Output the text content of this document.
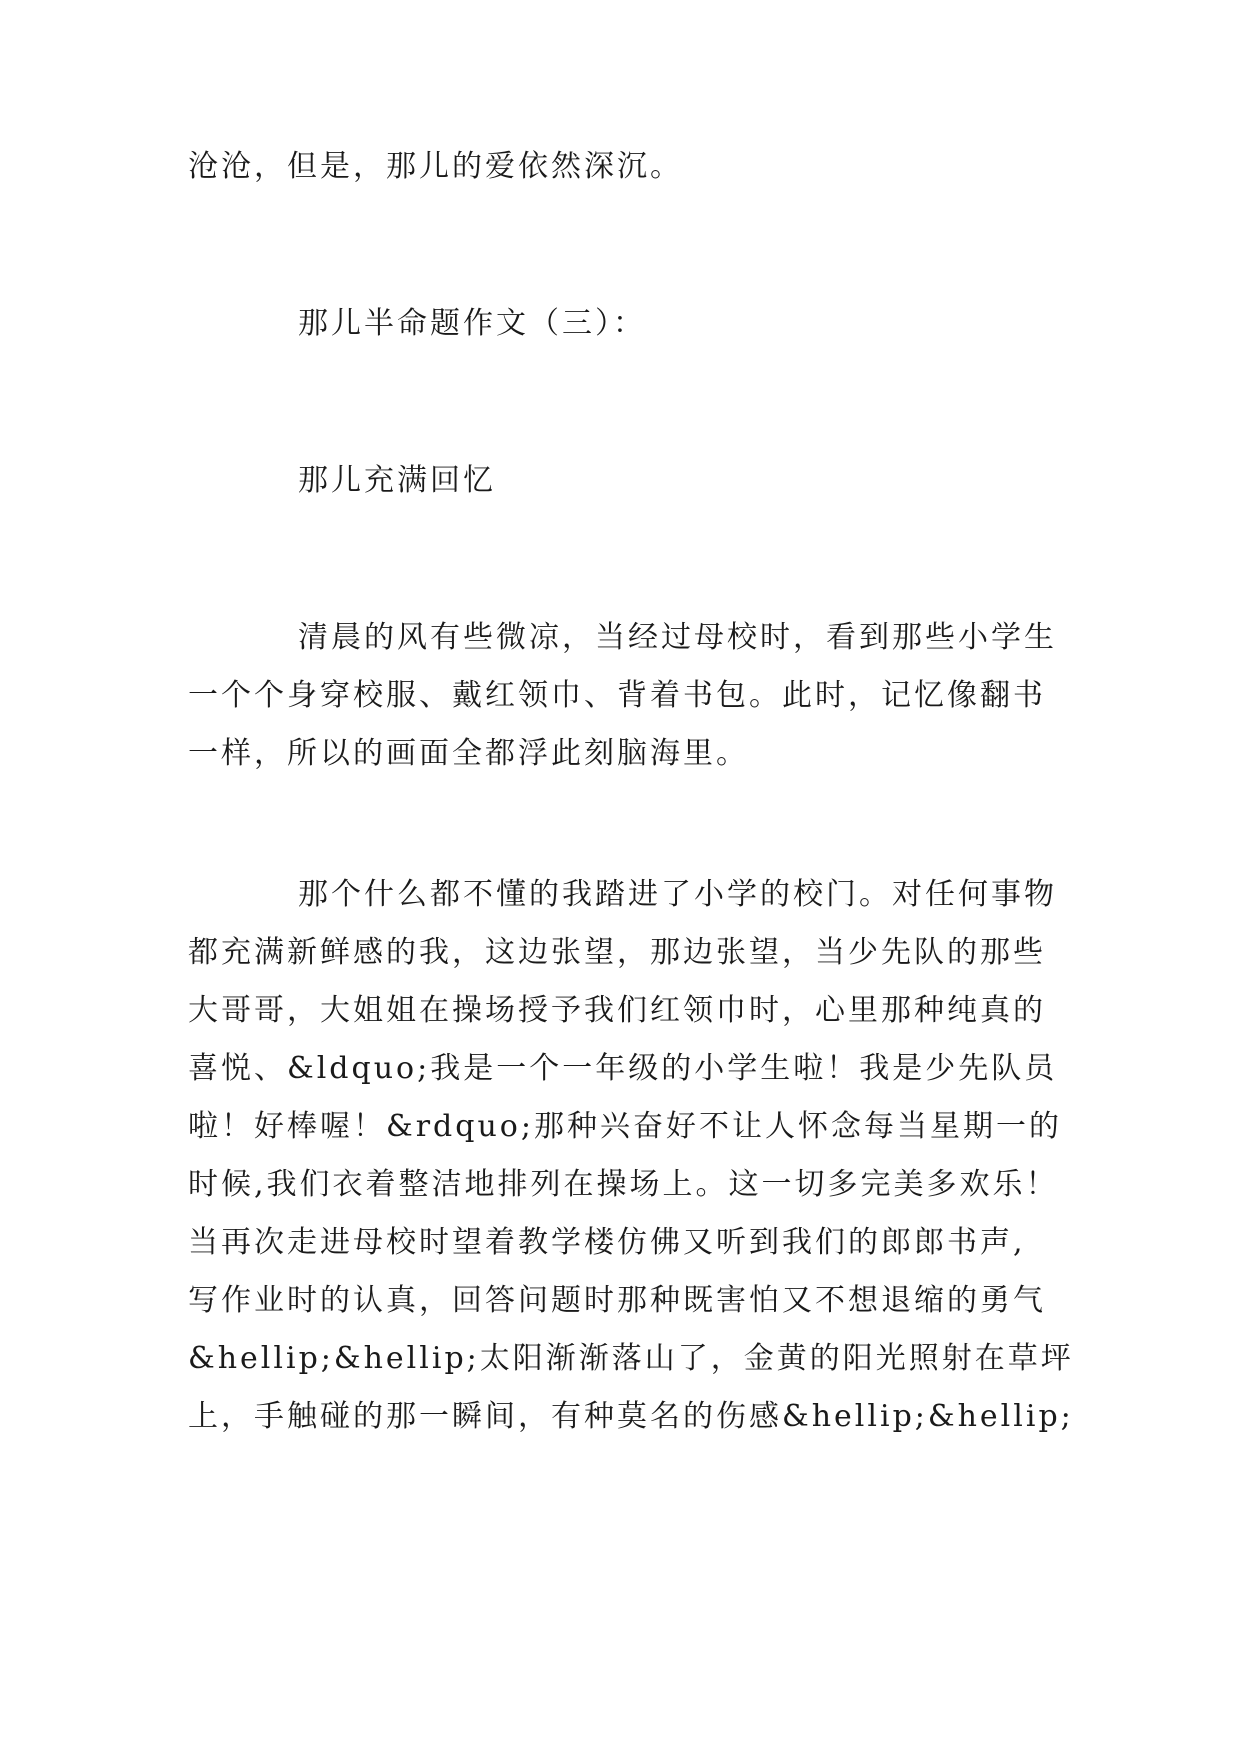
沧沧，但是，那儿的爱依然深沉。
那儿半命题作文（三）：
那儿充满回忆
清晨的风有些微凉，当经过母校时，看到那些小学生
一个个身穿校服、戴红领巾、背着书包。此时，记忆像翻书
一样，所以的画面全都浮此刻脑海里。
那个什么都不懂的我踏进了小学的校门。对任何事物
都充满新鲜感的我，这边张望，那边张望，当少先队的那些
大哥哥，大姐姐在操场授予我们红领巾时，心里那种纯真的
喜悦、&ldquo;我是一个一年级的小学生啦！我是少先队员
啦！好棒喔！&rdquo;那种兴奋好不让人怀念每当星期一的
时候,我们衣着整洁地排列在操场上。这一切多完美多欢乐！
当再次走进母校时望着教学楼仿佛又听到我们的郎郎书声,
写作业时的认真，回答问题时那种既害怕又不想退缩的勇气
&hellip;&hellip;太阳渐渐落山了，金黄的阳光照射在草坪
上，手触碰的那一瞬间，有种莫名的伤感&hellip;&hellip;
